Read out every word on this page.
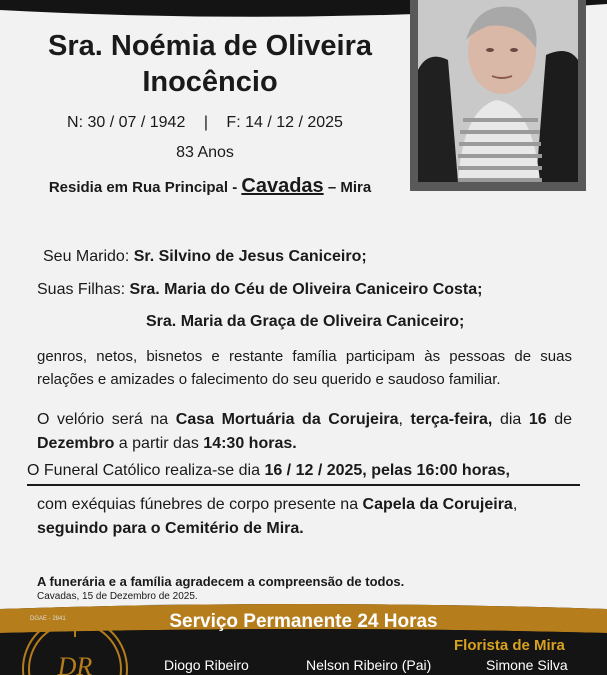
Sra. Noémia de Oliveira
Inocêncio
N: 30 / 07 / 1942 | F: 14 / 12 / 2025
83 Anos
Residia em Rua Principal - Cavadas – Mira
Seu Marido: Sr. Silvino de Jesus Caniceiro;
Suas Filhas: Sra. Maria do Céu de Oliveira Caniceiro Costa;
Sra. Maria da Graça de Oliveira Caniceiro;
genros, netos, bisnetos e restante família participam às pessoas de suas relações e amizades o falecimento do seu querido e saudoso familiar.
O velório será na Casa Mortuária da Corujeira, terça-feira, dia 16 de Dezembro a partir das 14:30 horas.
O Funeral Católico realiza-se dia 16 / 12 / 2025, pelas 16:00 horas,
com exéquias fúnebres de corpo presente na Capela da Corujeira,
seguindo para o Cemitério de Mira.
A funerária e a família agradecem a compreensão de todos.
Cavadas, 15 de Dezembro de 2025.
DR
DGAE - 2841	Serviço Permanente 24 Horas
Florista de Mira
Diogo Ribeiro	Nelson Ribeiro (Pai)	Simone Silva
